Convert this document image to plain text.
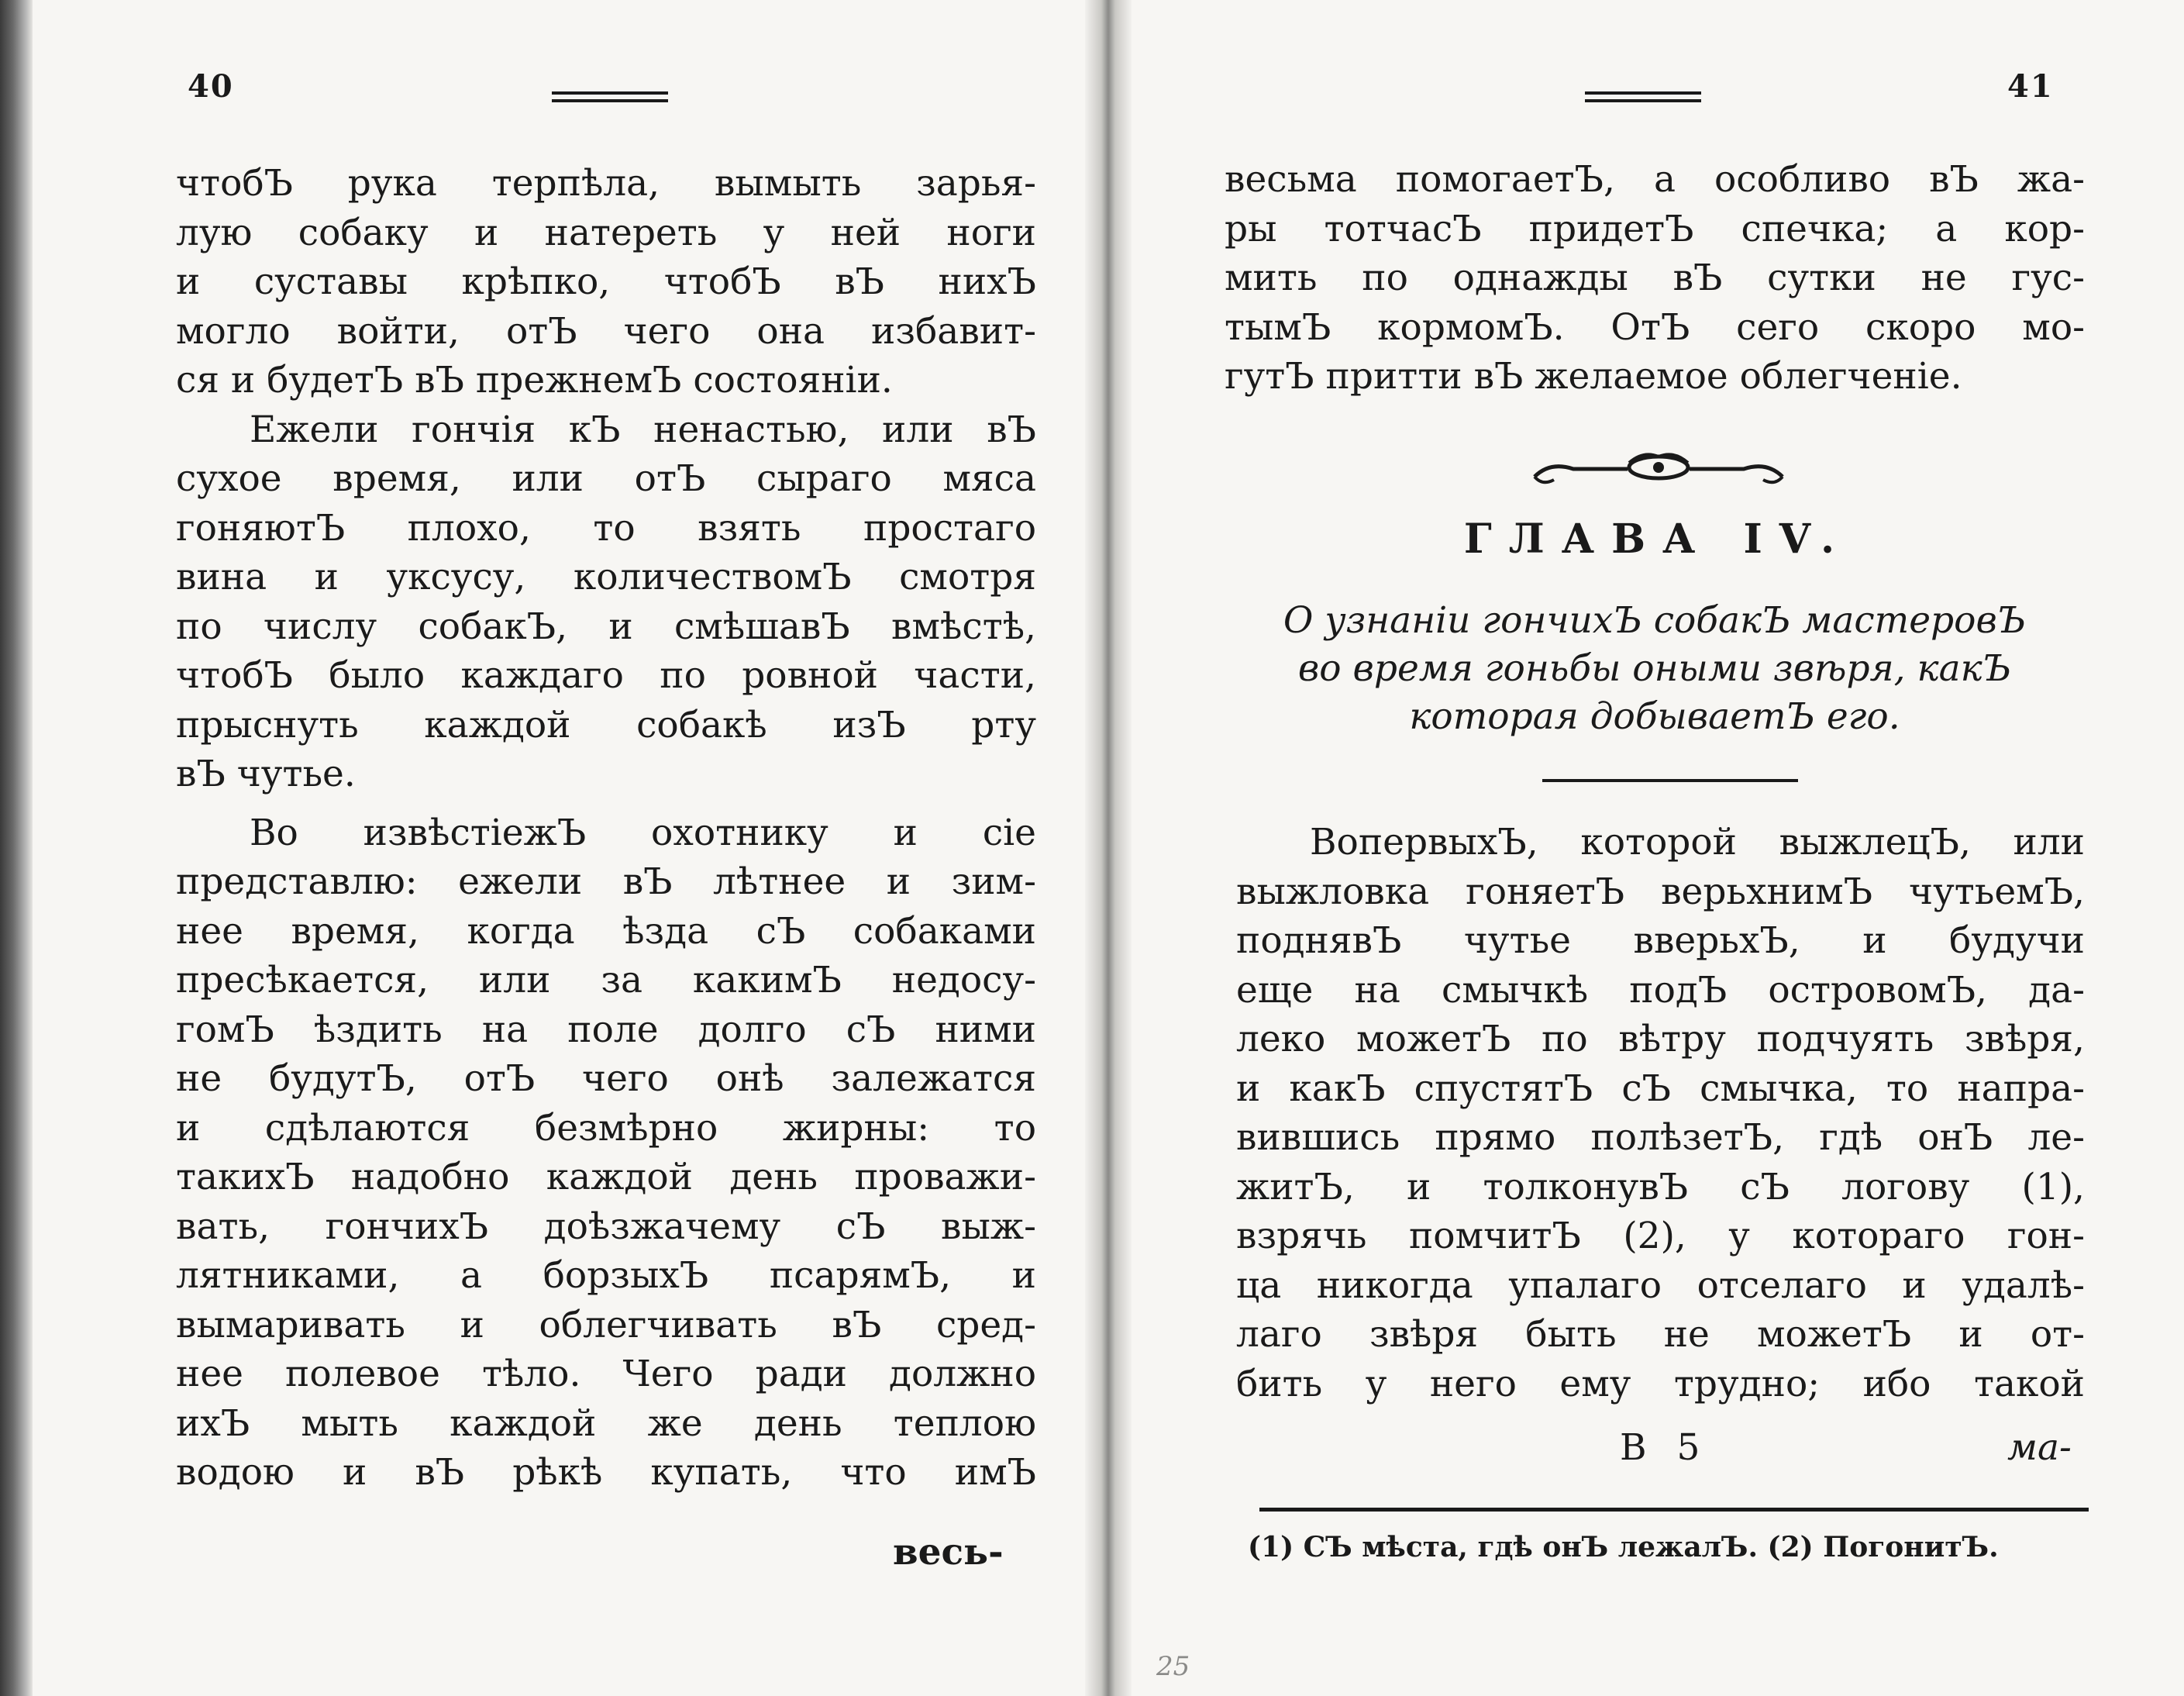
40
чтобЪ рука терпѣла, вымыть зарья-
лую собаку и натереть у ней ноги
и суставы крѣпко, чтобЪ вЪ нихЪ
могло войти, отЪ чего она избавит-
ся и будетЪ вЪ прежнемЪ состояніи.
Ежели гончія кЪ ненастью, или вЪ
сухое время, или отЪ сыраго мяса
гоняютЪ плохо, то взять простаго
вина и уксусу, количествомЪ смотря
по числу собакЪ, и смѣшавЪ вмѣстѣ,
чтобЪ было каждаго по ровной части,
прыснуть каждой собакѣ изЪ рту
вЪ чутье.
Во извѣстіежЪ охотнику и сіе
представлю: ежели вЪ лѣтнее и зим-
нее время, когда ѣзда сЪ собаками
пресѣкается, или за какимЪ недосу-
гомЪ ѣздить на поле долго сЪ ними
не будутЪ, отЪ чего онѣ залежатся
и сдѣлаются безмѣрно жирны: то
такихЪ надобно каждой день проважи-
вать, гончихЪ доѣзжачему сЪ выж-
лятниками, а борзыхЪ псарямЪ, и
вымаривать и облегчивать вЪ сред-
нее полевое тѣло. Чего ради должно
ихЪ мыть каждой же день теплою
водою и вЪ рѣкѣ купать, что имЪ
весь-
41
весьма помогаетЪ, а особливо вЪ жа-
ры тотчасЪ придетЪ спечка; а кор-
мить по однажды вЪ сутки не гус-
тымЪ кормомЪ. ОтЪ сего скоро мо-
гутЪ притти вЪ желаемое облегченіе.
ГЛАВА IV.
О узнаніи гончихЪ собакЪ мастеровЪ
во время гоньбы оными звѣря, какЪ
которая добываетЪ его.
ВопервыхЪ, которой выжлецЪ, или
выжловка гоняетЪ верьхнимЪ чутьемЪ,
поднявЪ чутье вверьхЪ, и будучи
еще на смычкѣ подЪ островомЪ, да-
леко можетЪ по вѣтру подчуять звѣря,
и какЪ спустятЪ сЪ смычка, то напра-
вившись прямо полѣзетЪ, гдѣ онЪ ле-
житЪ, и толконувЪ сЪ логову (1),
взрячь помчитЪ (2), у котораго гон-
ца никогда упалаго отселаго и удалѣ-
лаго звѣря быть не можетЪ и от-
бить у него ему трудно; ибо такой
В 5	ма-
(1) СЪ мѣста, гдѣ онЪ лежалЪ. (2) ПогонитЪ.
25
